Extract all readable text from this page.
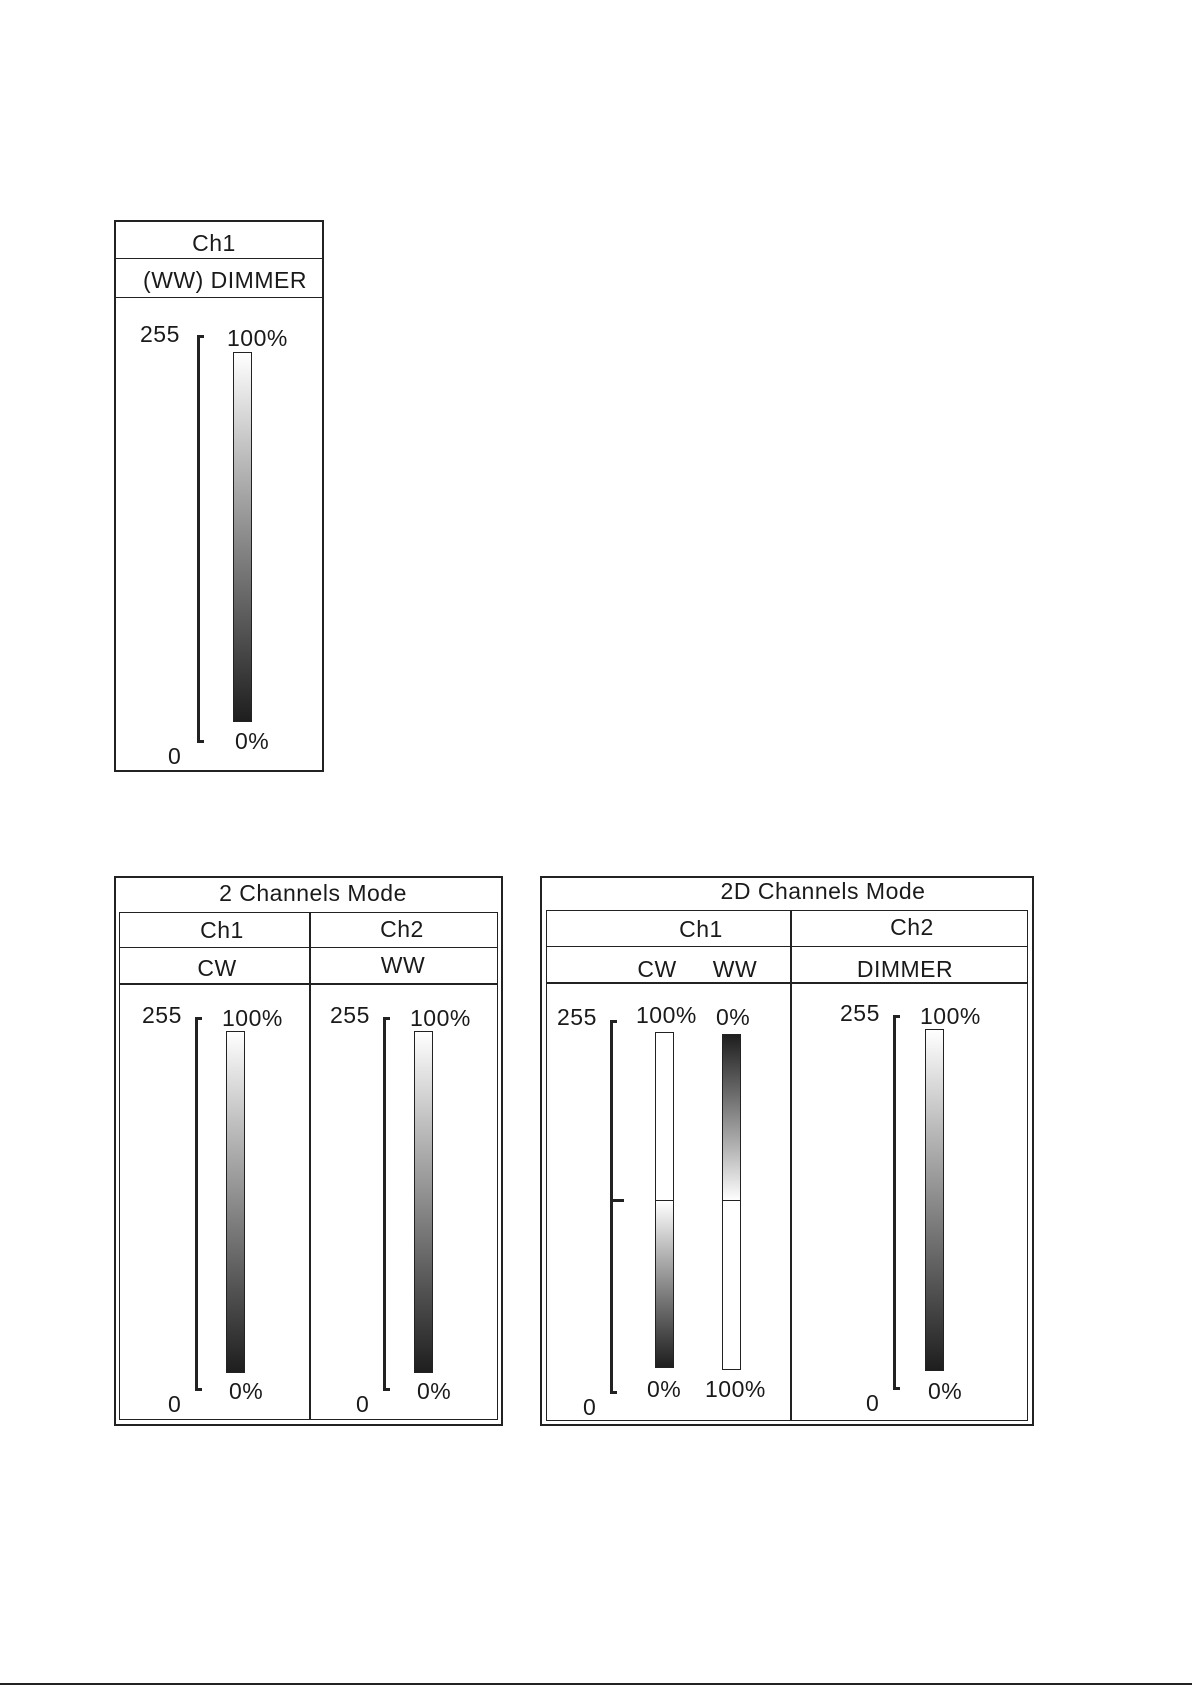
Ch1
(WW) DIMMER
255
0
100%
0%
2 Channels Mode
Ch1
CW
Ch2
WW
255
0
100%
0%
255
0
100%
0%
2D Channels Mode
Ch1
CW WW
Ch2
DIMMER
255
0
100%
0%
0%
100%
255
0
100%
0%
